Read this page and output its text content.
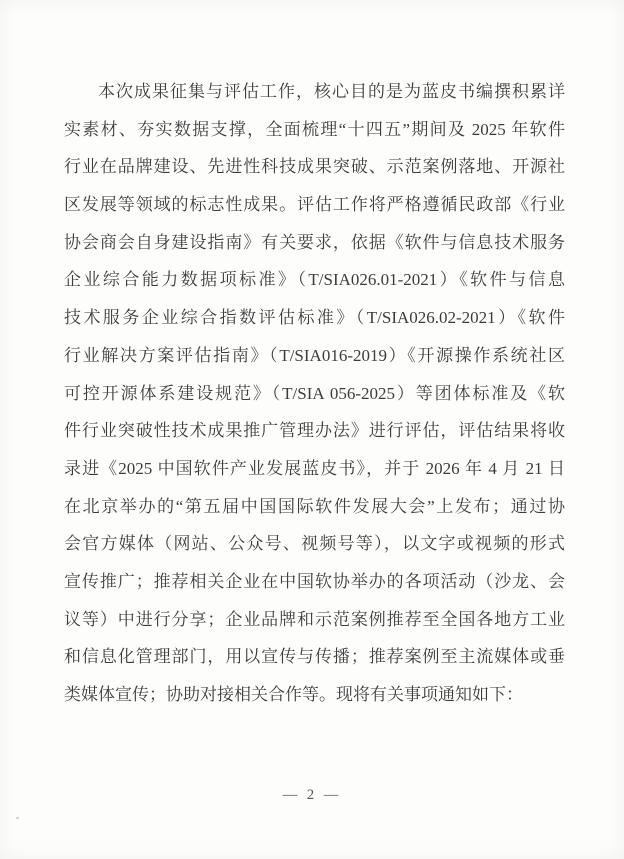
本次成果征集与评估工作，核心目的是为蓝皮书编撰积累详
实素材、夯实数据支撑，全面梳理“十四五”期间及 2025 年软件
行业在品牌建设、先进性科技成果突破、示范案例落地、开源社
区发展等领域的标志性成果。评估工作将严格遵循民政部《行业
协会商会自身建设指南》有关要求，依据《软件与信息技术服务
企业综合能力数据项标准》（T/SIA026.01-2021）《软件与信息
技术服务企业综合指数评估标准》（T/SIA026.02-2021）《软件
行业解决方案评估指南》（T/SIA016-2019）《开源操作系统社区
可控开源体系建设规范》（T/SIA 056-2025）等团体标准及《软
件行业突破性技术成果推广管理办法》进行评估，评估结果将收
录进《2025 中国软件产业发展蓝皮书》，并于 2026 年 4 月 21 日
在北京举办的“第五届中国国际软件发展大会”上发布；通过协
会官方媒体（网站、公众号、视频号等），以文字或视频的形式
宣传推广；推荐相关企业在中国软协举办的各项活动（沙龙、会
议等）中进行分享；企业品牌和示范案例推荐至全国各地方工业
和信息化管理部门，用以宣传与传播；推荐案例至主流媒体或垂
类媒体宣传；协助对接相关合作等。现将有关事项通知如下：
— 2 —
